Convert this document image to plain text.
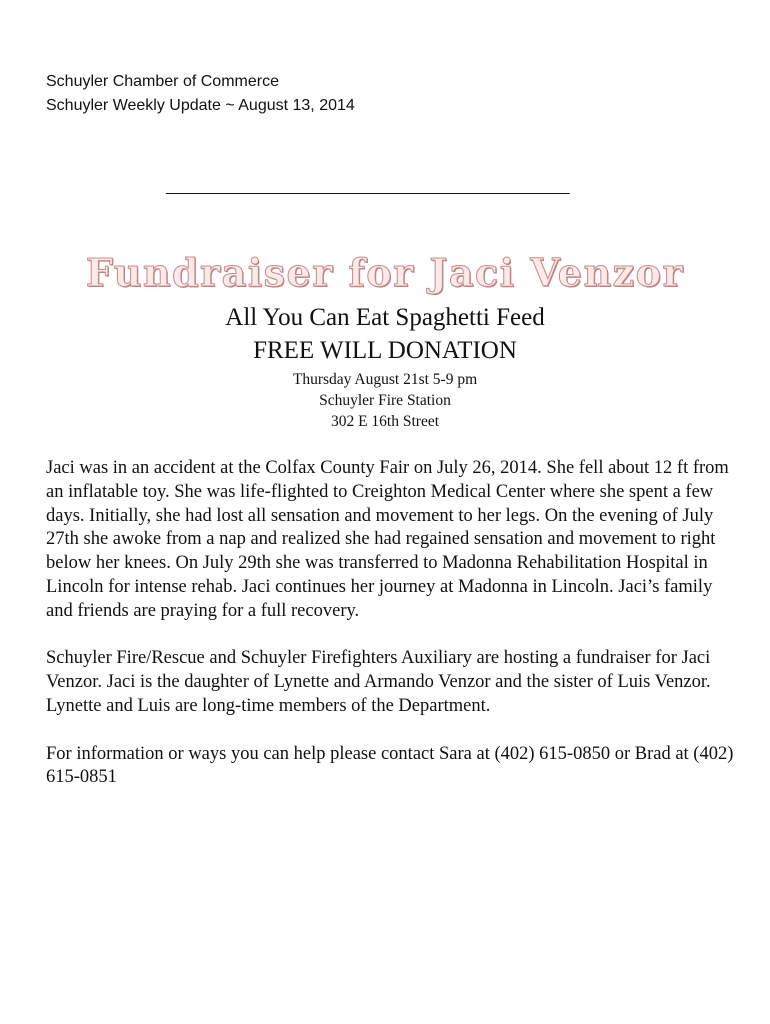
Schuyler Chamber of Commerce
Schuyler Weekly Update ~ August 13, 2014
________________________________________________
Fundraiser for Jaci Venzor
All You Can Eat Spaghetti Feed
FREE WILL DONATION
Thursday August 21st 5-9 pm
Schuyler Fire Station
302 E 16th Street

Jaci was in an accident at the Colfax County Fair on July 26, 2014. She fell about 12 ft from an inflatable toy. She was life-flighted to Creighton Medical Center where she spent a few days. Initially, she had lost all sensation and movement to her legs. On the evening of July 27th she awoke from a nap and realized she had regained sensation and movement to right below her knees. On July 29th she was transferred to Madonna Rehabilitation Hospital in Lincoln for intense rehab. Jaci continues her journey at Madonna in Lincoln. Jaci’s family and friends are praying for a full recovery.

Schuyler Fire/Rescue and Schuyler Firefighters Auxiliary are hosting a fundraiser for Jaci Venzor. Jaci is the daughter of Lynette and Armando Venzor and the sister of Luis Venzor. Lynette and Luis are long-time members of the Department.

For information or ways you can help please contact Sara at (402) 615-0850 or Brad at (402) 615-0851
